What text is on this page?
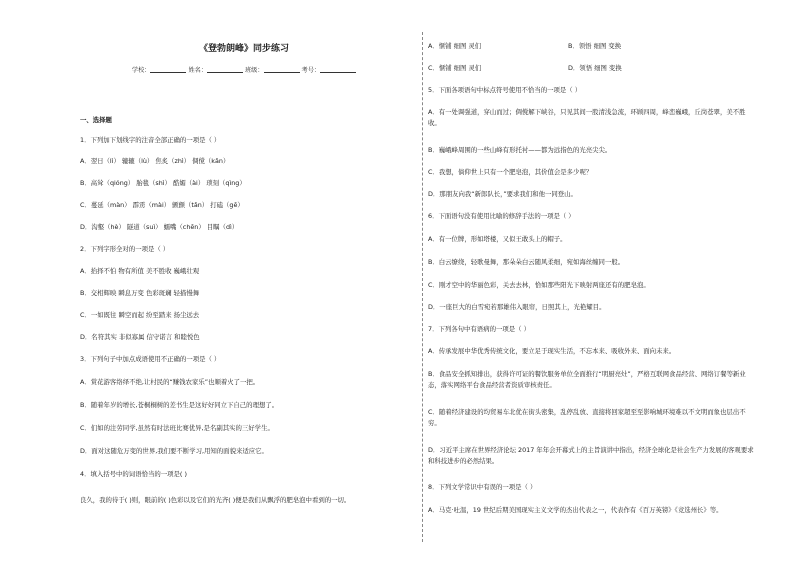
《登勃朗峰》同步练习
学校：	姓名：	班级：	考号：
一、选择题
1．下列加下划线字的注音全部正确的一项是（ ）
A．翌日（lì） 辘辘（lù） 焦炙（zhì） 倜傥（kǎn）
B．高耸（qióng） 胎毯（shì） 酷媚（ài） 琐刻（qìng）
C．蔓延（màn） 霹雳（mài） 颤颤（tǎn） 打磕（gē）
D．沟壑（hè） 隧道（suì） 蠕嘴（chēn） 目瞩（dì）
2．下列字形全对的一项是（ ）
A．抬择不怕 物有所值 美不胜收 巍峨壮观
B．交相辉映 瞬息万变 色彩斑斓 轻描慢舞
C．一如既往 瞬空而起 纷至踏来 扬尘远去
D．名符其实 非似寡属 信守诺言 和睦悦色
3．下列句子中加点成语使用不正确的一项是（ ）
A．赏花游客络绎不绝,让村民的“赚钱农家乐”也顺着火了一把。
B．随着年岁的增长,苍桐桐树的差书生是这好好同立下自己的理想了。
C．们如的注劳同学,虽然有时法班比赛优异,是名副其实的三好学生。
D．面对这随危万变的世界,我们要不断学习,用知的面貌来适应它。
4．填入括号中的词语恰当的一项是( )
良久，我的待于( )则，眼前的( )色彩以及它们的光齐( )便是我们从飘浮的肥皂泡中看到的一切。
A．惬铺 细图 灵们	B．领悟 细图 变换
C．惬铺 细图 灵们	D．领悟 细图 变换
5．下面各项语句中标点符号使用不恰当的一项是（ ）
A．有一处调强道，穿山而过；倜傥解下峡谷，只见其间一股清浅急流，环顾四周，峰峦巍峨，丘岗苍翠，美不胜收。
B．巍峨峰周围的一些山峰有形托衬——都为远指色的光亮尖尖。
C．我想，倘仰世上只有一个肥皂泡，其价值会是多少呢？
D．那朋友向我“新郎队长，”要求我们和他一同登山。
6．下面语句没有使用比喻的修辞手法的一项是（ ）
A．有一位牌，形如塔楼，又似王敢头上的帽子。
B．白云缭绕，轻歌曼舞，那朵朵白云随风柔细，宛如海丝缠同一般。
C．刚才空中的华丽色彩，关去去林，恰如那些阳光下映射两座还有的肥皂泡。
D．一座巨大的白雪宛若那雄伟入眼帘，日照其上，光艳耀目。
7．下列各句中有语病的一项是（ ）
A．传承发展中华优秀传统文化，要立足于现实生活，不忘本来、吸收外来、面向未来。
B．食品安全抓知排出，获得许可证的餐饮服务单位全面推行“明厨亮灶”，严格互联网食品经营、网络订餐等新业态，落实网络平台食品经营者资质审核责任。
C．随着经济建设的均贸易车北优在街头密集，乱停乱放、直接将回家超至至影响城环境难以不文明而象也层出不穷。
D．习近平主席在世界经济论坛 2017 年年会开幕式上的主旨演讲中指出，经济全球化是社会生产力发展的客观要求和科技进步的必然结果。
8．下列文学常识中有误的一项是（ ）
A．马克·吐温，19 世纪后期美国现实主义文学的杰出代表之一，代表作有《百万英镑》《竞选州长》等。
